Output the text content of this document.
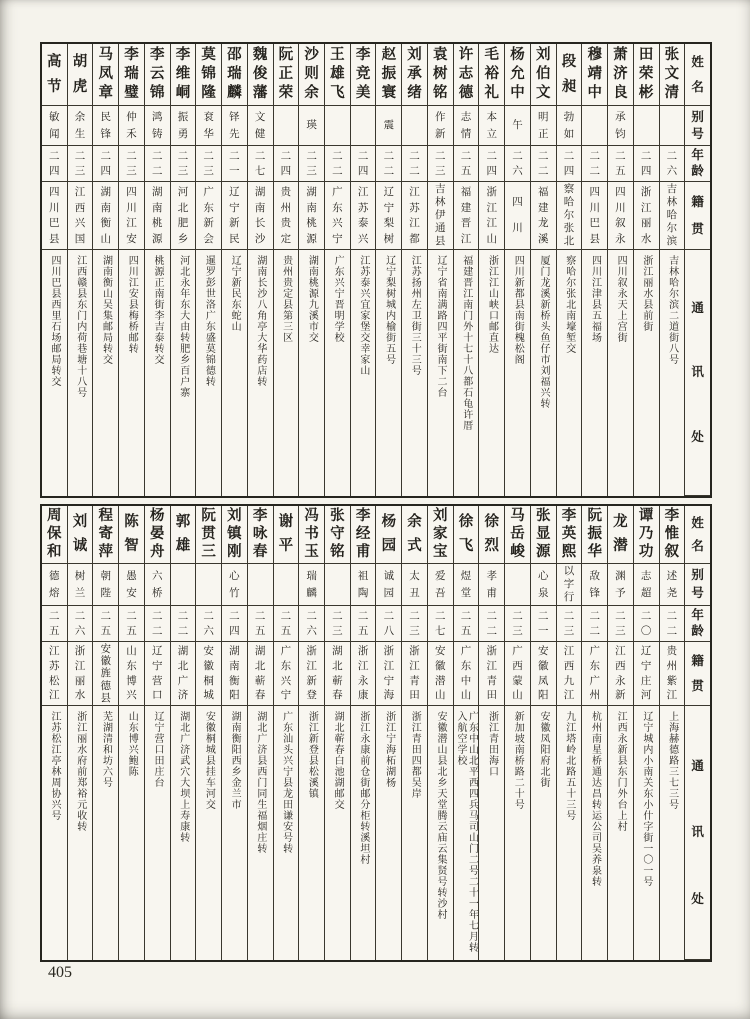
姓
名
别
号
年
龄
籍
贯
通
讯
处
张
文
清
二
六
吉
林
哈
尔
滨
吉林哈尔滨二道街八号
田
荣
彬
二
四
浙
江
丽
水
浙江丽水县前街
萧
济
良
承
钧
二
五
四
川
叙
永
四川叙永天上宫街
穆
靖
中
二
二
四
川
巴
县
四川江津县五福场
段
昶
勃
如
二
四
察
哈
尔
张
北
察哈尔张北南壕堑交
刘
伯
文
明
正
二
二
福
建
龙
溪
厦门龙溪新桥头鱼仔市刘福兴转
杨
允
中
午
二
六
四
川
四川新都县南街槐松阁
毛
裕
礼
本
立
二
四
浙
江
江
山
浙江江山峡口邮直达
许
志
德
志
情
二
五
福
建
晋
江
福建晋江南门外十七十八都石龟许厝
袁
树
铭
作
新
二
三
吉
林
伊
通
县
辽宁省南满路四平街南下二台
刘
承
绪
二
二
江
苏
江
都
江苏扬州左卫街三十三号
赵
振
寰
震
二
二
辽
宁
梨
树
辽宁梨树城内榆街五号
李
竞
美
二
四
江
苏
泰
兴
江苏泰兴宜家堡交幸家山
王
雄
飞
二
二
广
东
兴
宁
广东兴宁晋明学校
沙
则
余
瑛
二
三
湖
南
桃
源
湖南桃源九溪市交
阮
正
荣
二
四
贵
州
贵
定
贵州贵定县第三区
魏
俊
藩
文
健
二
七
湖
南
长
沙
湖南长沙八角亭大华药店转
邵
瑞
麟
铎
先
二
一
辽
宁
新
民
辽宁新民东蛇山
莫
锦
隆
袞
华
二
三
广
东
新
会
暹罗彭世洛广东盛莫锦德转
李
维
峒
振
勇
二
三
河
北
肥
乡
河北永年东大由转肥乡百户寨
李
云
锦
鸿
铸
二
二
湖
南
桃
源
桃源正南街李吉泰转交
李
瑞
璧
仲
禾
二
三
四
川
江
安
四川江安县梅桥邮转
马
凤
章
民
锋
二
四
湖
南
衡
山
湖南衡山吴集邮局转交
胡
虎
余
生
二
三
江
西
兴
国
江西赣县东门内荷巷塘十八号
高
节
敏
闻
二
四
四
川
巴
县
四川巴县西里石场邮局转交
姓
名
别
号
年
龄
籍
贯
通
讯
处
李
惟
叙
述
尧
二
二
贵
州
紫
江
上海赫德路三七三号
谭
乃
功
志
超
二
〇
辽
宁
庄
河
辽宁城内小南关东小什字街一〇一号
龙
潜
渊
予
二
三
江
西
永
新
江西永新县东门外台上村
阮
振
华
敌
锋
二
二
广
东
广
州
杭州南星桥通达昌转运公司吴养泉转
李
英
熙
以
字
行
二
三
江
西
九
江
九江塔岭北路五十三号
张
显
源
心
泉
二
一
安
徽
凤
阳
安徽凤阳府北街
马
岳
峻
二
三
广
西
蒙
山
新加坡南桥路二十号
徐
烈
孝
甫
二
二
浙
江
青
田
浙江青田海口
徐
飞
煜
堂
二
五
广
东
中
山
广东中山北平西四兵马司山门二号二十一年七月转入航空学校
刘
家
宝
爱
吾
二
七
安
徽
潜
山
安徽潜山县北乡天堂腾云庙云集贤号转沙村
余
式
太
丑
二
三
浙
江
青
田
浙江青田四都吴岸
杨
园
诚
园
二
八
浙
江
宁
海
浙江宁海柘湖杨
李
经
甫
祖
陶
二
五
浙
江
永
康
浙江永康前仓街邮分柜转溪坦村
张
守
铭
二
三
湖
北
蕲
春
湖北蕲春白池湖邮交
冯
书
玉
瑞
麟
二
六
浙
江
新
登
浙江新登县松溪镇
谢
平
二
五
广
东
兴
宁
广东汕头兴宁县龙田谦安号转
李
咏
春
二
五
湖
北
蕲
春
湖北广济县西门同生福烟庄转
刘
镇
刚
心
竹
二
四
湖
南
衡
阳
湖南衡阳西乡金兰市
阮
贯
三
二
六
安
徽
桐
城
安徽桐城县挂车河交
郭
雄
二
二
湖
北
广
济
湖北广济武穴大坝上寿康转
杨
晏
舟
六
桥
二
二
辽
宁
营
口
辽宁营口田庄台
陈
智
愚
安
二
五
山
东
博
兴
山东博兴鲍陈
程
寄
萍
朝
陛
二
五
安
徽
旌
德
县
芜湖清和坊六号
刘
诚
树
兰
二
六
浙
江
丽
水
浙江丽水府前郑裕元收转
周
保
和
德
熔
二
五
江
苏
松
江
江苏松江亭林周协兴号
405
